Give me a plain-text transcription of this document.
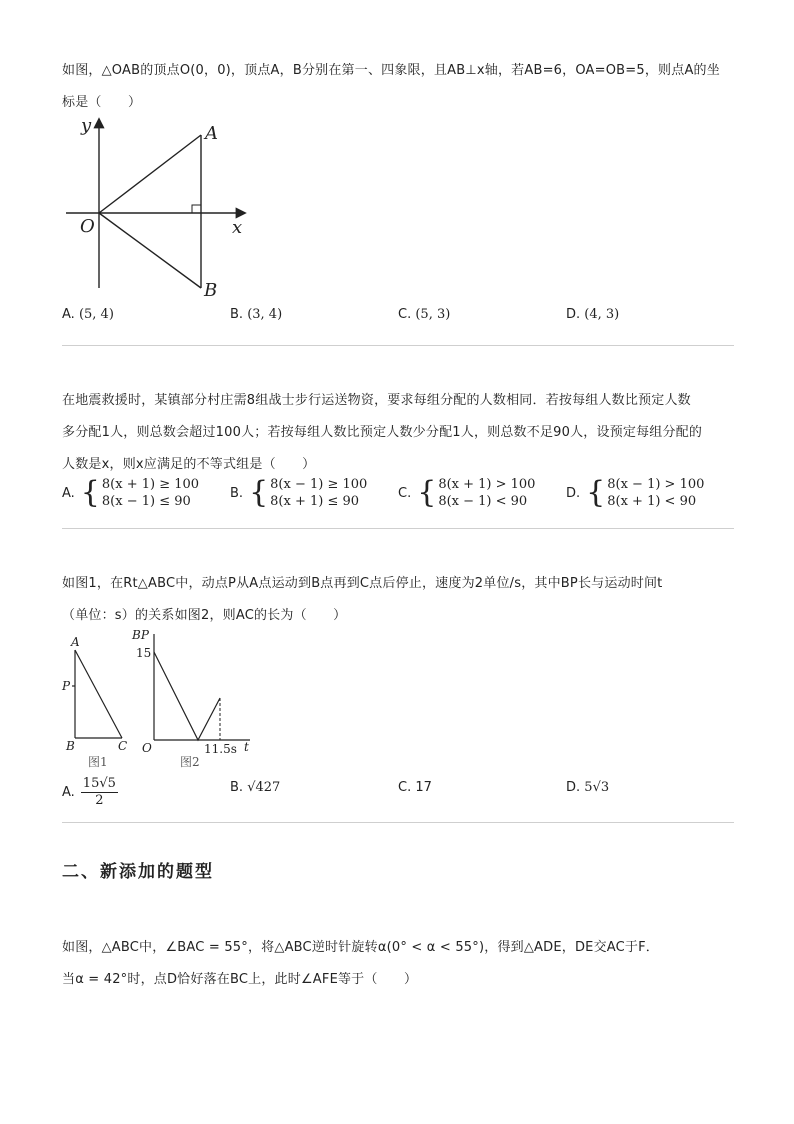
如图，△OAB的顶点O(0，0)，顶点A，B分别在第一、四象限，且AB⊥x轴，若AB=6，OA=OB=5，则点A的坐
标是（　　）
y
x
O
A
B
A. (5, 4)	B. (3, 4)	C. (5, 3)	D. (4, 3)
在地震救援时，某镇部分村庄需8组战士步行运送物资，要求每组分配的人数相同．若按每组人数比预定人数
多分配1人，则总数会超过100人；若按每组人数比预定人数少分配1人，则总数不足90人，设预定每组分配的
人数是x，则x应满足的不等式组是（　　）
A. { 8(x + 1) ≥ 100
8(x − 1) ≤ 90
B. { 8(x − 1) ≥ 100
8(x + 1) ≤ 90
C. { 8(x + 1) > 100
8(x − 1) < 90
D. { 8(x − 1) > 100
8(x + 1) < 90
如图1，在Rt△ABC中，动点P从A点运动到B点再到C点后停止，速度为2单位/s，其中BP长与运动时间t
（单位：s）的关系如图2，则AC的长为（　　）
A
P
B	C
图1
BP
15
O	11.5s t
图2
A. $\frac{15√5}{2}$	B. √427	C. 17	D. 5√3
二、新添加的题型
如图，△ABC中，∠BAC = 55°，将△ABC逆时针旋转α(0° < α < 55°)，得到△ADE，DE交AC于F．
当α = 42°时，点D恰好落在BC上，此时∠AFE等于（　　）
